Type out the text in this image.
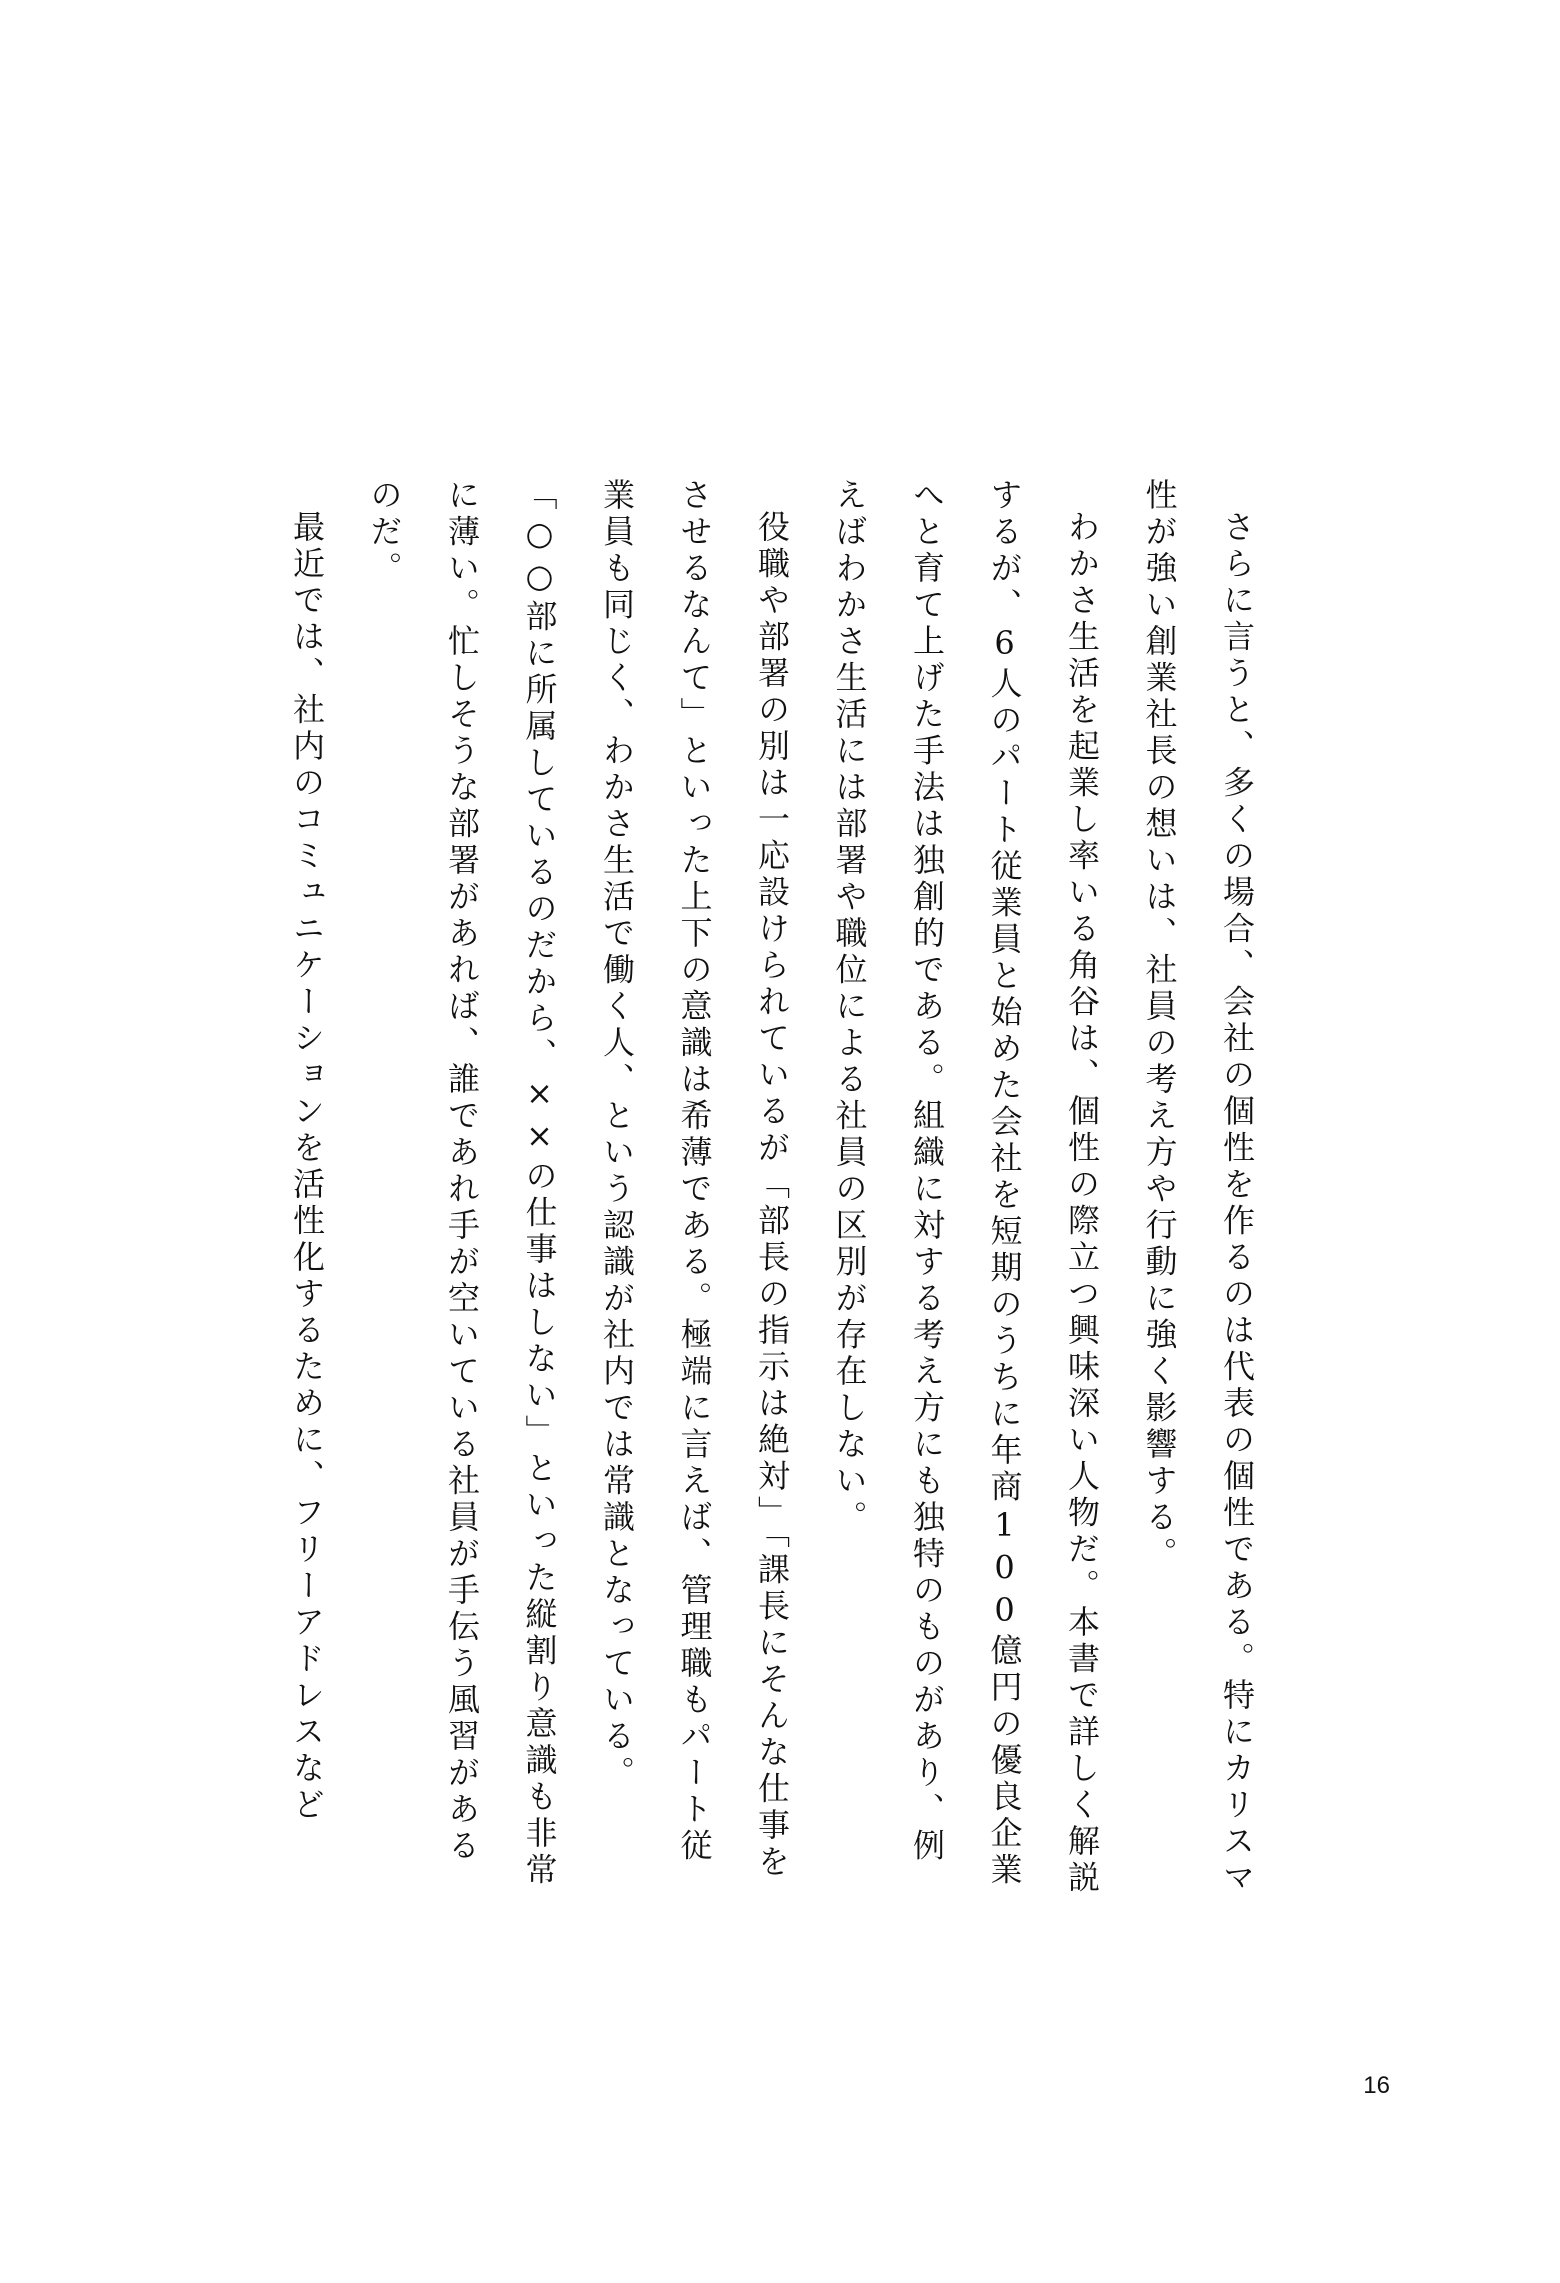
さらに言うと、多くの場合、会社の個性を作るのは代表の個性である。特にカリスマ性が強い創業社長の想いは、社員の考え方や行動に強く影響する。

わかさ生活を起業し率いる角谷は、個性の際立つ興味深い人物だ。本書で詳しく解説するが、6人のパート従業員と始めた会社を短期のうちに年商100億円の優良企業へと育て上げた手法は独創的である。組織に対する考え方にも独特のものがあり、例えばわかさ生活には部署や職位による社員の区別が存在しない。

役職や部署の別は一応設けられているが「部長の指示は絶対」「課長にそんな仕事をさせるなんて」といった上下の意識は希薄である。極端に言えば、管理職もパート従業員も同じく、わかさ生活で働く人、という認識が社内では常識となっている。

「○○部に所属しているのだから、××の仕事はしない」といった縦割り意識も非常に薄い。忙しそうな部署があれば、誰であれ手が空いている社員が手伝う風習があるのだ。

最近では、社内のコミュニケーションを活性化するために、フリーアドレスなど

16
